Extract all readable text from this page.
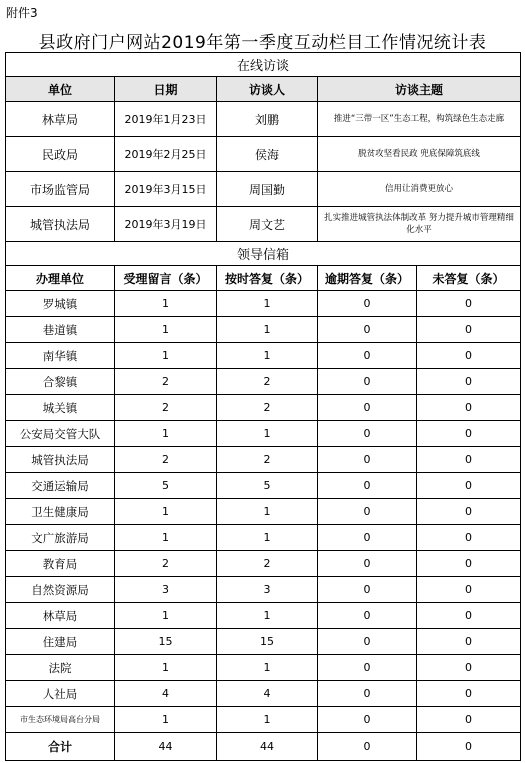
附件3
县政府门户网站2019年第一季度互动栏目工作情况统计表
在线访谈				
单位	日期	访谈人	访谈主题	
林草局	2019年1月23日	刘鹏	推进“三带一区”生态工程，构筑绿色生态走廊	
民政局	2019年2月25日	侯海	脱贫攻坚看民政 兜底保障筑底线	
市场监管局	2019年3月15日	周国勤	信用让消费更放心	
城管执法局	2019年3月19日	周文艺	扎实推进城管执法体制改革 努力提升城市管理精细化水平	
领导信箱				
办理单位	受理留言（条）	按时答复（条）	逾期答复（条）	未答复（条）
罗城镇	1	1	0	0
巷道镇	1	1	0	0
南华镇	1	1	0	0
合黎镇	2	2	0	0
城关镇	2	2	0	0
公安局交管大队	1	1	0	0
城管执法局	2	2	0	0
交通运输局	5	5	0	0
卫生健康局	1	1	0	0
文广旅游局	1	1	0	0
教育局	2	2	0	0
自然资源局	3	3	0	0
林草局	1	1	0	0
住建局	15	15	0	0
法院	1	1	0	0
人社局	4	4	0	0
市生态环境局高台分局	1	1	0	0
合计	44	44	0	0
